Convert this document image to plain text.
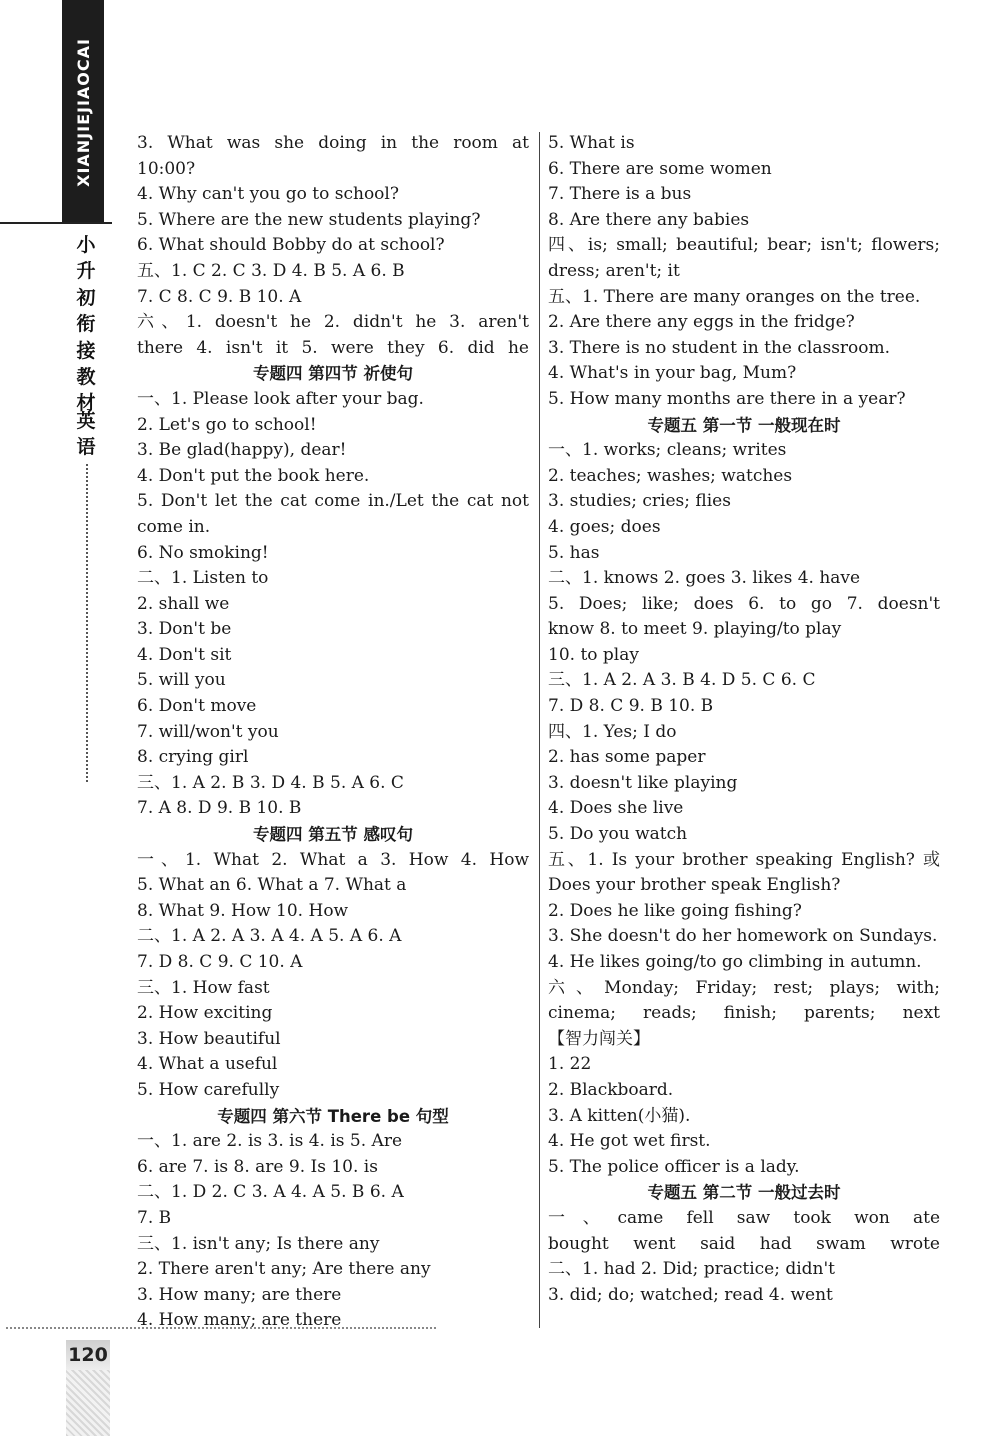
XIANJIEJIAOCAI
小
升
初
衔
接
教
材
英
语
3. What was she doing in the room at
10:00?
4. Why can't you go to school?
5. Where are the new students playing?
6. What should Bobby do at school?
五、1. C 2. C 3. D 4. B 5. A 6. B
7. C 8. C 9. B 10. A
六、1. doesn't he 2. didn't he 3. aren't
there 4. isn't it 5. were they 6. did he
专题四 第四节 祈使句
一、1. Please look after your bag.
2. Let's go to school!
3. Be glad(happy), dear!
4. Don't put the book here.
5. Don't let the cat come in./Let the cat not
come in.
6. No smoking!
二、1. Listen to
2. shall we
3. Don't be
4. Don't sit
5. will you
6. Don't move
7. will/won't you
8. crying girl
三、1. A 2. B 3. D 4. B 5. A 6. C
7. A 8. D 9. B 10. B
专题四 第五节 感叹句
一、1. What 2. What a 3. How 4. How
5. What an 6. What a 7. What a
8. What 9. How 10. How
二、1. A 2. A 3. A 4. A 5. A 6. A
7. D 8. C 9. C 10. A
三、1. How fast
2. How exciting
3. How beautiful
4. What a useful
5. How carefully
专题四 第六节 There be 句型
一、1. are 2. is 3. is 4. is 5. Are
6. are 7. is 8. are 9. Is 10. is
二、1. D 2. C 3. A 4. A 5. B 6. A
7. B
三、1. isn't any; Is there any
2. There aren't any; Are there any
3. How many; are there
4. How many; are there
5. What is
6. There are some women
7. There is a bus
8. Are there any babies
四、is; small; beautiful; bear; isn't; flowers;
dress; aren't; it
五、1. There are many oranges on the tree.
2. Are there any eggs in the fridge?
3. There is no student in the classroom.
4. What's in your bag, Mum?
5. How many months are there in a year?
专题五 第一节 一般现在时
一、1. works; cleans; writes
2. teaches; washes; watches
3. studies; cries; flies
4. goes; does
5. has
二、1. knows 2. goes 3. likes 4. have
5. Does; like; does 6. to go 7. doesn't
know 8. to meet 9. playing/to play
10. to play
三、1. A 2. A 3. B 4. D 5. C 6. C
7. D 8. C 9. B 10. B
四、1. Yes; I do
2. has some paper
3. doesn't like playing
4. Does she live
5. Do you watch
五、1. Is your brother speaking English? 或
Does your brother speak English?
2. Does he like going fishing?
3. She doesn't do her homework on Sundays.
4. He likes going/to go climbing in autumn.
六、Monday; Friday; rest; plays; with;
cinema; reads; finish; parents; next
【智力闯关】
1. 22
2. Blackboard.
3. A kitten(小猫).
4. He got wet first.
5. The police officer is a lady.
专题五 第二节 一般过去时
一、came fell saw took won ate
bought went said had swam wrote
二、1. had 2. Did; practice; didn't
3. did; do; watched; read 4. went
120
